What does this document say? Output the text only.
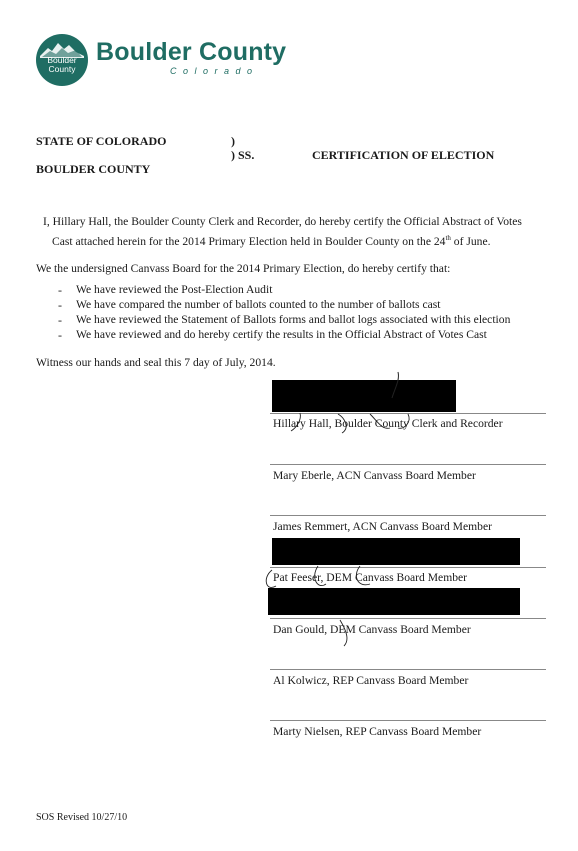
Boulder
County
Boulder County
Colorado
STATE OF COLORADO	)
) SS.	CERTIFICATION OF ELECTION
BOULDER COUNTY
I, Hillary Hall, the Boulder County Clerk and Recorder, do hereby certify the Official Abstract of Votes
Cast attached herein for the 2014 Primary Election held in Boulder County on the 24th of June.
We the undersigned Canvass Board for the 2014 Primary Election, do hereby certify that:
- We have reviewed the Post-Election Audit
- We have compared the number of ballots counted to the number of ballots cast
- We have reviewed the Statement of Ballots forms and ballot logs associated with this election
- We have reviewed and do hereby certify the results in the Official Abstract of Votes Cast
Witness our hands and seal this 7 day of July, 2014.
Hillary Hall, Boulder County Clerk and Recorder
Mary Eberle, ACN Canvass Board Member
James Remmert, ACN Canvass Board Member
Pat Feeser, DEM Canvass Board Member
Dan Gould, DEM Canvass Board Member
Al Kolwicz, REP Canvass Board Member
Marty Nielsen, REP Canvass Board Member
SOS Revised 10/27/10
